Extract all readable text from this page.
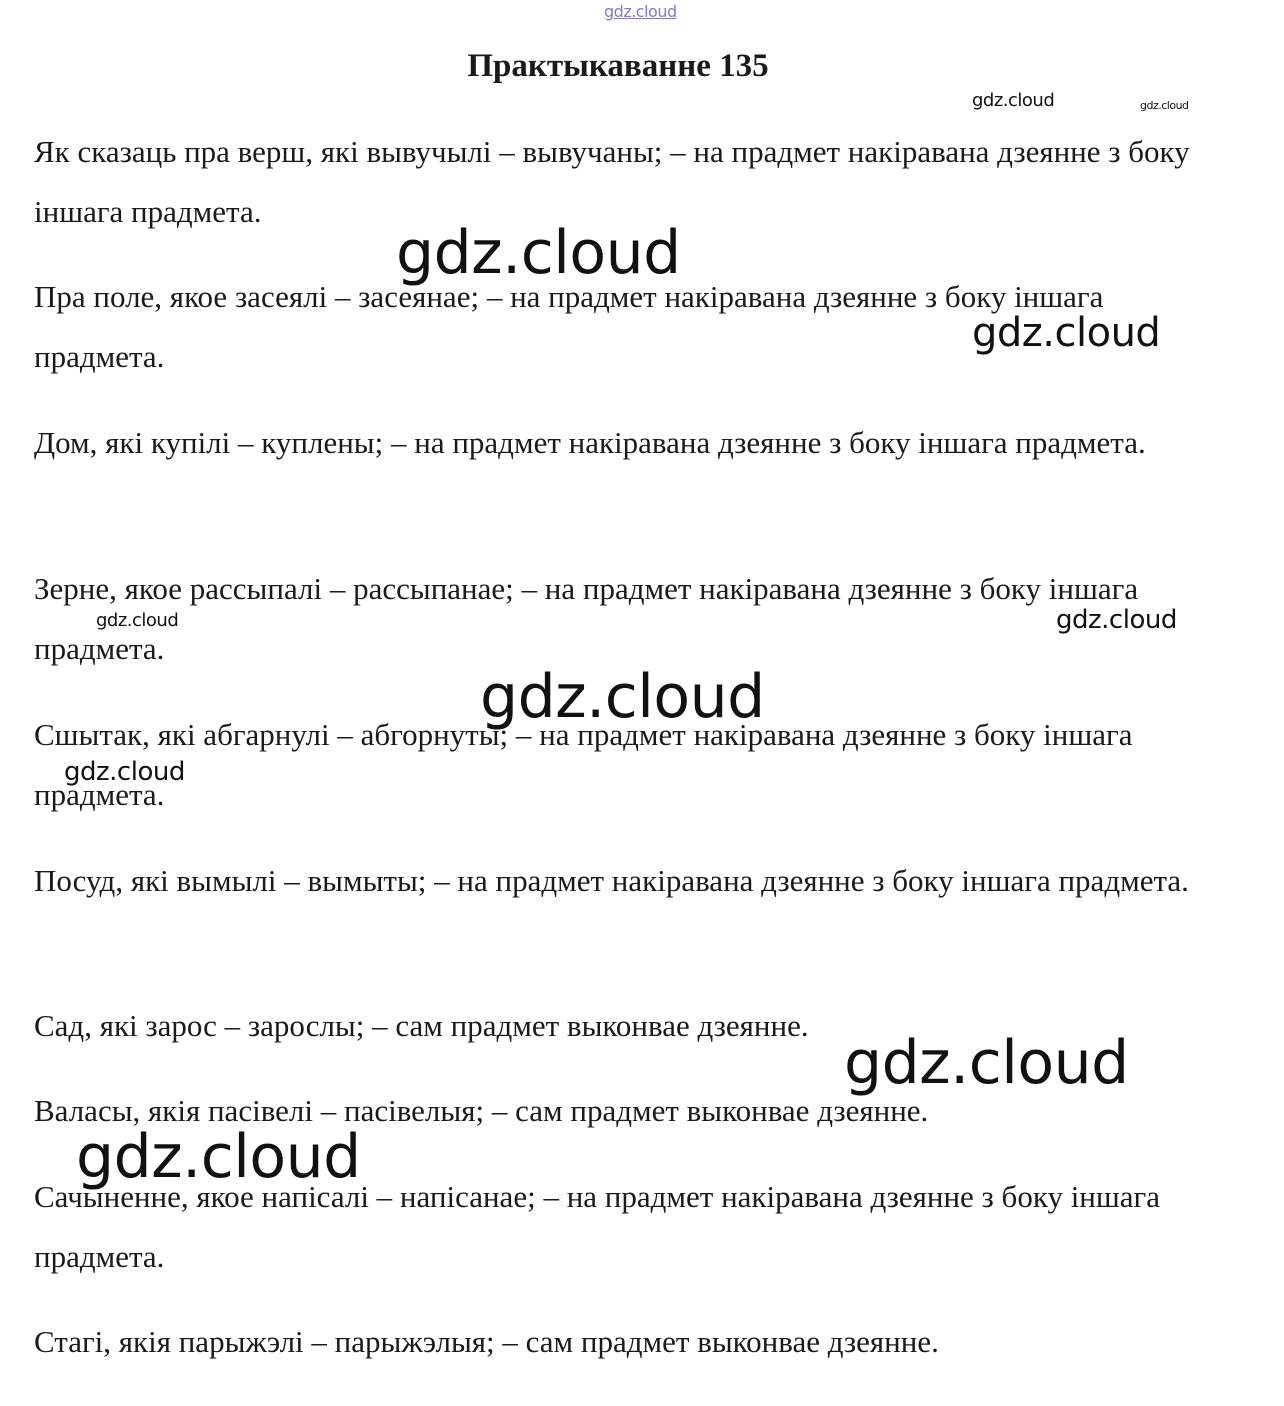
gdz.cloud
Практыкаванне 135
gdz.cloud	gdz.cloud

Як сказаць пра верш, які вывучылі – вывучаны; – на прадмет накіравана дзеянне з боку іншага прадмета.

Пра поле, якое засеялі – засеянае; – на прадмет накіравана дзеянне з боку іншага прадмета.

Дом, які купілі – куплены; – на прадмет накіравана дзеянне з боку іншага прадмета.

Зерне, якое рассыпалі – рассыпанае; – на прадмет накіравана дзеянне з боку іншага прадмета.

Сшытак, які абгарнулі – абгорнуты; – на прадмет накіравана дзеянне з боку іншага прадмета.

Посуд, які вымылі – вымыты; – на прадмет накіравана дзеянне з боку іншага прадмета.

Сад, які зарос – зарослы; – сам прадмет выконвае дзеянне.

Валасы, якія пасівелі – пасівелыя; – сам прадмет выконвае дзеянне.

Сачыненне, якое напісалі – напісанае; – на прадмет накіравана дзеянне з боку іншага прадмета.

Стагі, якія парыжэлі – парыжэлыя; – сам прадмет выконвае дзеянне.

gdz.cloud
gdz.cloud
gdz.cloud	gdz.cloud
gdz.cloud
gdz.cloud
gdz.cloud
gdz.cloud
